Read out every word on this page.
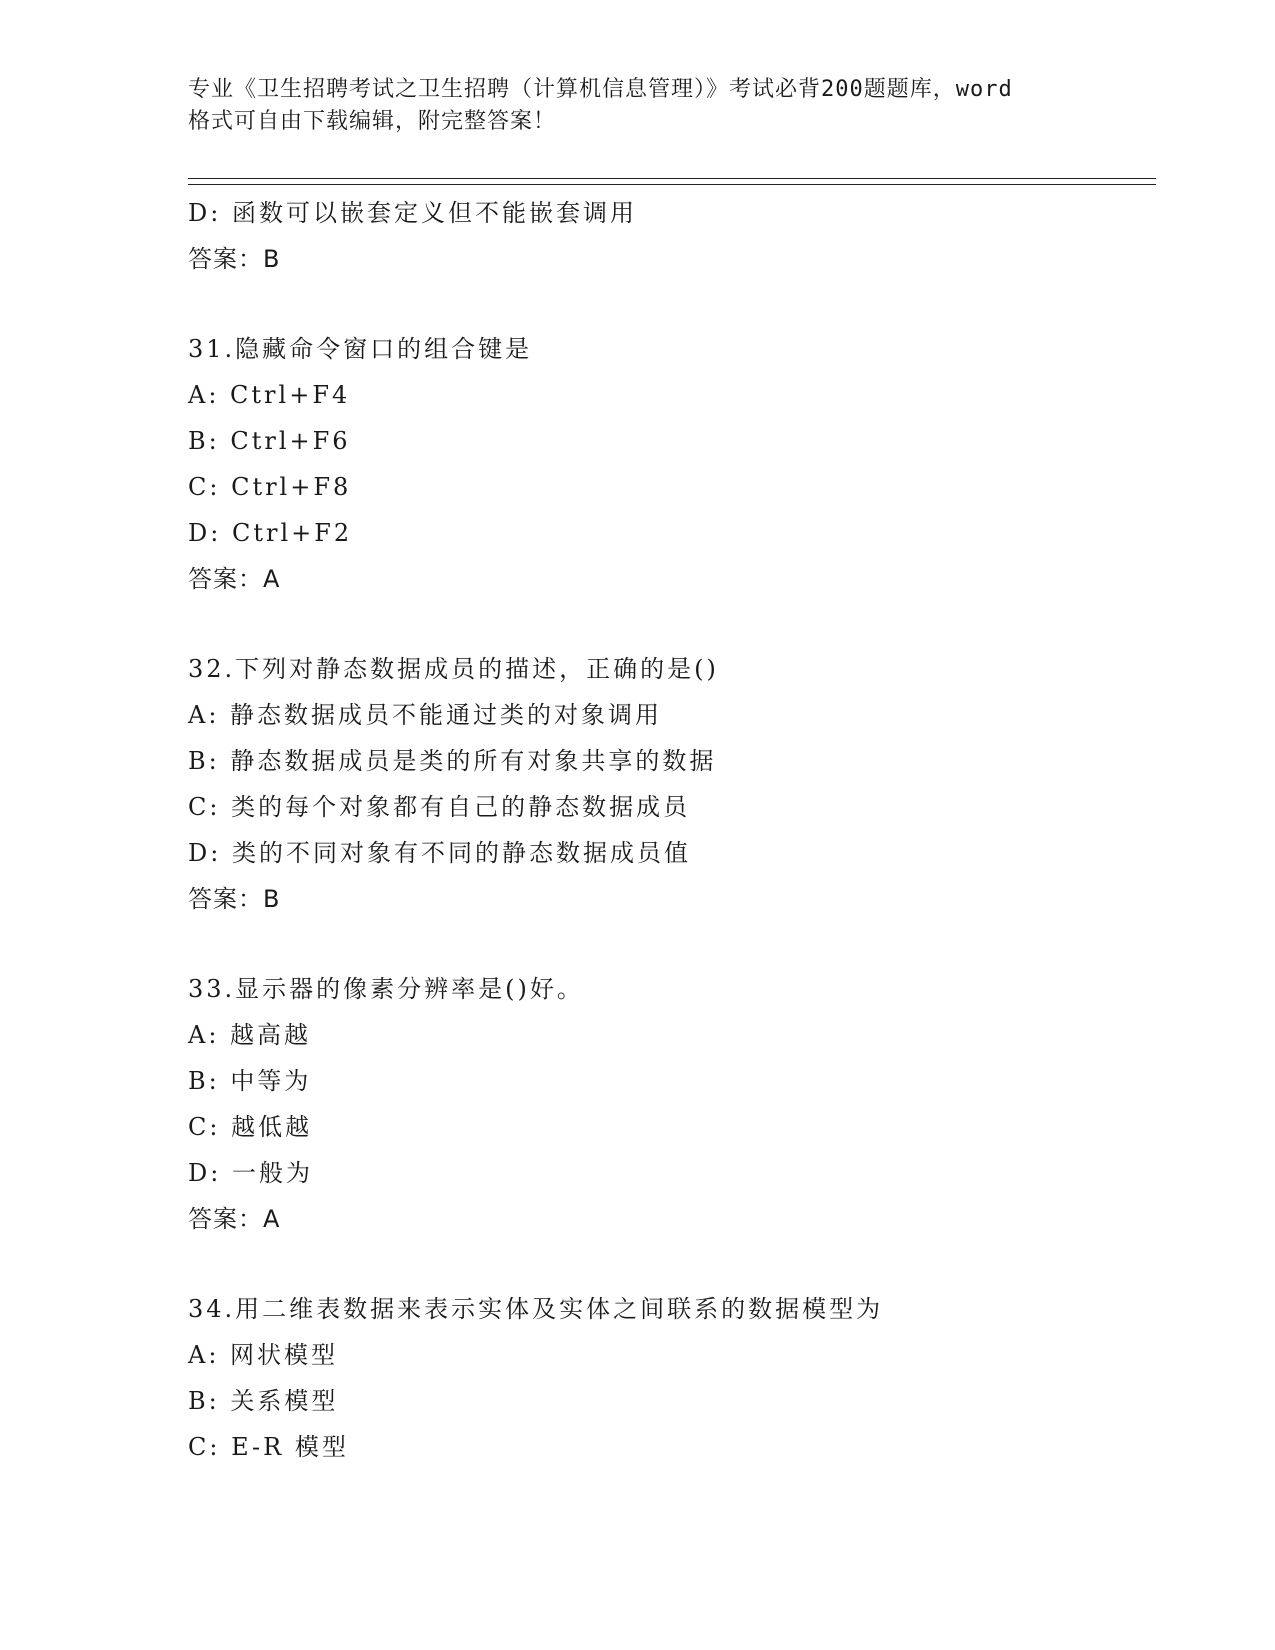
专业《卫生招聘考试之卫生招聘（计算机信息管理）》考试必背200题题库，word
格式可自由下载编辑，附完整答案！
D: 函数可以嵌套定义但不能嵌套调用
答案：B
31.隐藏命令窗口的组合键是
A: Ctrl+F4
B: Ctrl+F6
C: Ctrl+F8
D: Ctrl+F2
答案：A
32.下列对静态数据成员的描述，正确的是()
A: 静态数据成员不能通过类的对象调用
B: 静态数据成员是类的所有对象共享的数据
C: 类的每个对象都有自己的静态数据成员
D: 类的不同对象有不同的静态数据成员值
答案：B
33.显示器的像素分辨率是()好。
A: 越高越
B: 中等为
C: 越低越
D: 一般为
答案：A
34.用二维表数据来表示实体及实体之间联系的数据模型为
A: 网状模型
B: 关系模型
C: E-R 模型
